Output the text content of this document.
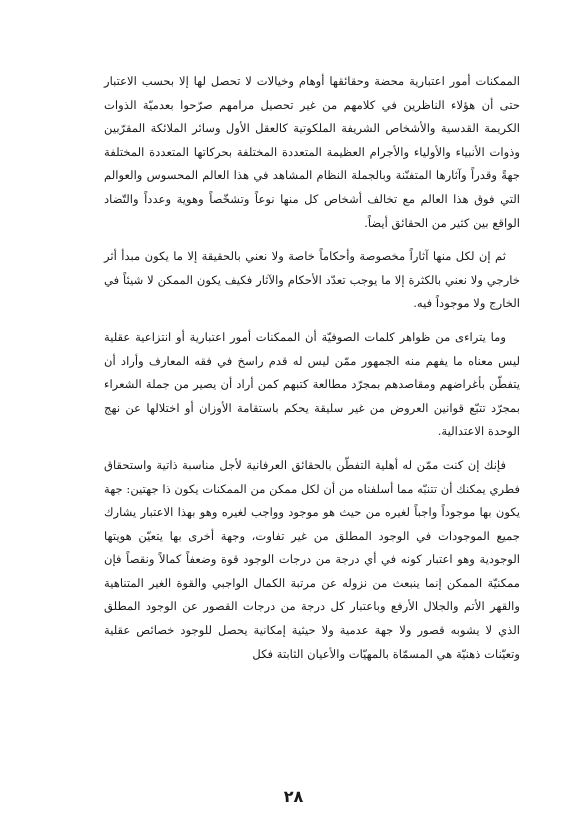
الممكنات أمور اعتبارية محضة وحقائقها أوهام وخيالات لا تحصل لها إلا بحسب الاعتبار حتى أن هؤلاء الناظرين في كلامهم من غير تحصيل مرامهم صرّحوا بعدميّة الذوات الكريمة القدسية والأشخاص الشريفة الملكوتية كالعقل الأول وسائر الملائكة المقرّبين وذوات الأنبياء والأولياء والأجرام العظيمة المتعددة المختلفة بحركاتها المتعددة المختلفة جهةً وقدراً وآثارها المتفنّنة وبالجملة النظام المشاهد في هذا العالم المحسوس والعوالم التي فوق هذا العالم مع تخالف أشخاص كل منها نوعاً وتشخّصاً وهوية وعدداً والتّضاد الواقع بين كثير من الحقائق أيضاً.

ثم إن لكل منها آثاراً مخصوصة وأحكاماً خاصة ولا نعني بالحقيقة إلا ما يكون مبدأ أثر خارجي ولا نعني بالكثرة إلا ما يوجب تعدّد الأحكام والآثار فكيف يكون الممكن لا شيئاً في الخارج ولا موجوداً فيه.

وما يتراءى من ظواهر كلمات الصوفيّة أن الممكنات أمور اعتبارية أو انتزاعية عقلية ليس معناه ما يفهم منه الجمهور ممّن ليس له قدم راسخ في فقه المعارف وأراد أن يتفطّن بأغراضهم ومقاصدهم بمجرّد مطالعة كتبهم كمن أراد أن يصير من جملة الشعراء بمجرّد تتبّع قوانين العروض من غير سليقة يحكم باستقامة الأوزان أو اختلالها عن نهج الوحدة الاعتدالية.

فإنك إن كنت ممّن له أهلية التفطّن بالحقائق العرفانية لأجل مناسبة ذاتية واستحقاق فطري يمكنك أن تتنبّه مما أسلفناه من أن لكل ممكن من الممكنات يكون ذا جهتين: جهة يكون بها موجوداً واجباً لغيره من حيث هو موجود وواجب لغيره وهو بهذا الاعتبار يشارك جميع الموجودات في الوجود المطلق من غير تفاوت، وجهة أخرى بها يتعيّن هويتها الوجودية وهو اعتبار كونه في أي درجة من درجات الوجود قوة وضعفاً كمالاً ونقصاً فإن ممكنيّة الممكن إنما ينبعث من نزوله عن مرتبة الكمال الواجبي والقوة الغير المتناهية والقهر الأتم والجلال الأرفع وباعتبار كل درجة من درجات القصور عن الوجود المطلق الذي لا يشوبه قصور ولا جهة عدمية ولا حيثية إمكانية يحصل للوجود خصائص عقلية وتعيّنات ذهنيّة هي المسمّاة بالمهيّات والأعيان الثابتة فكل

٢٨
